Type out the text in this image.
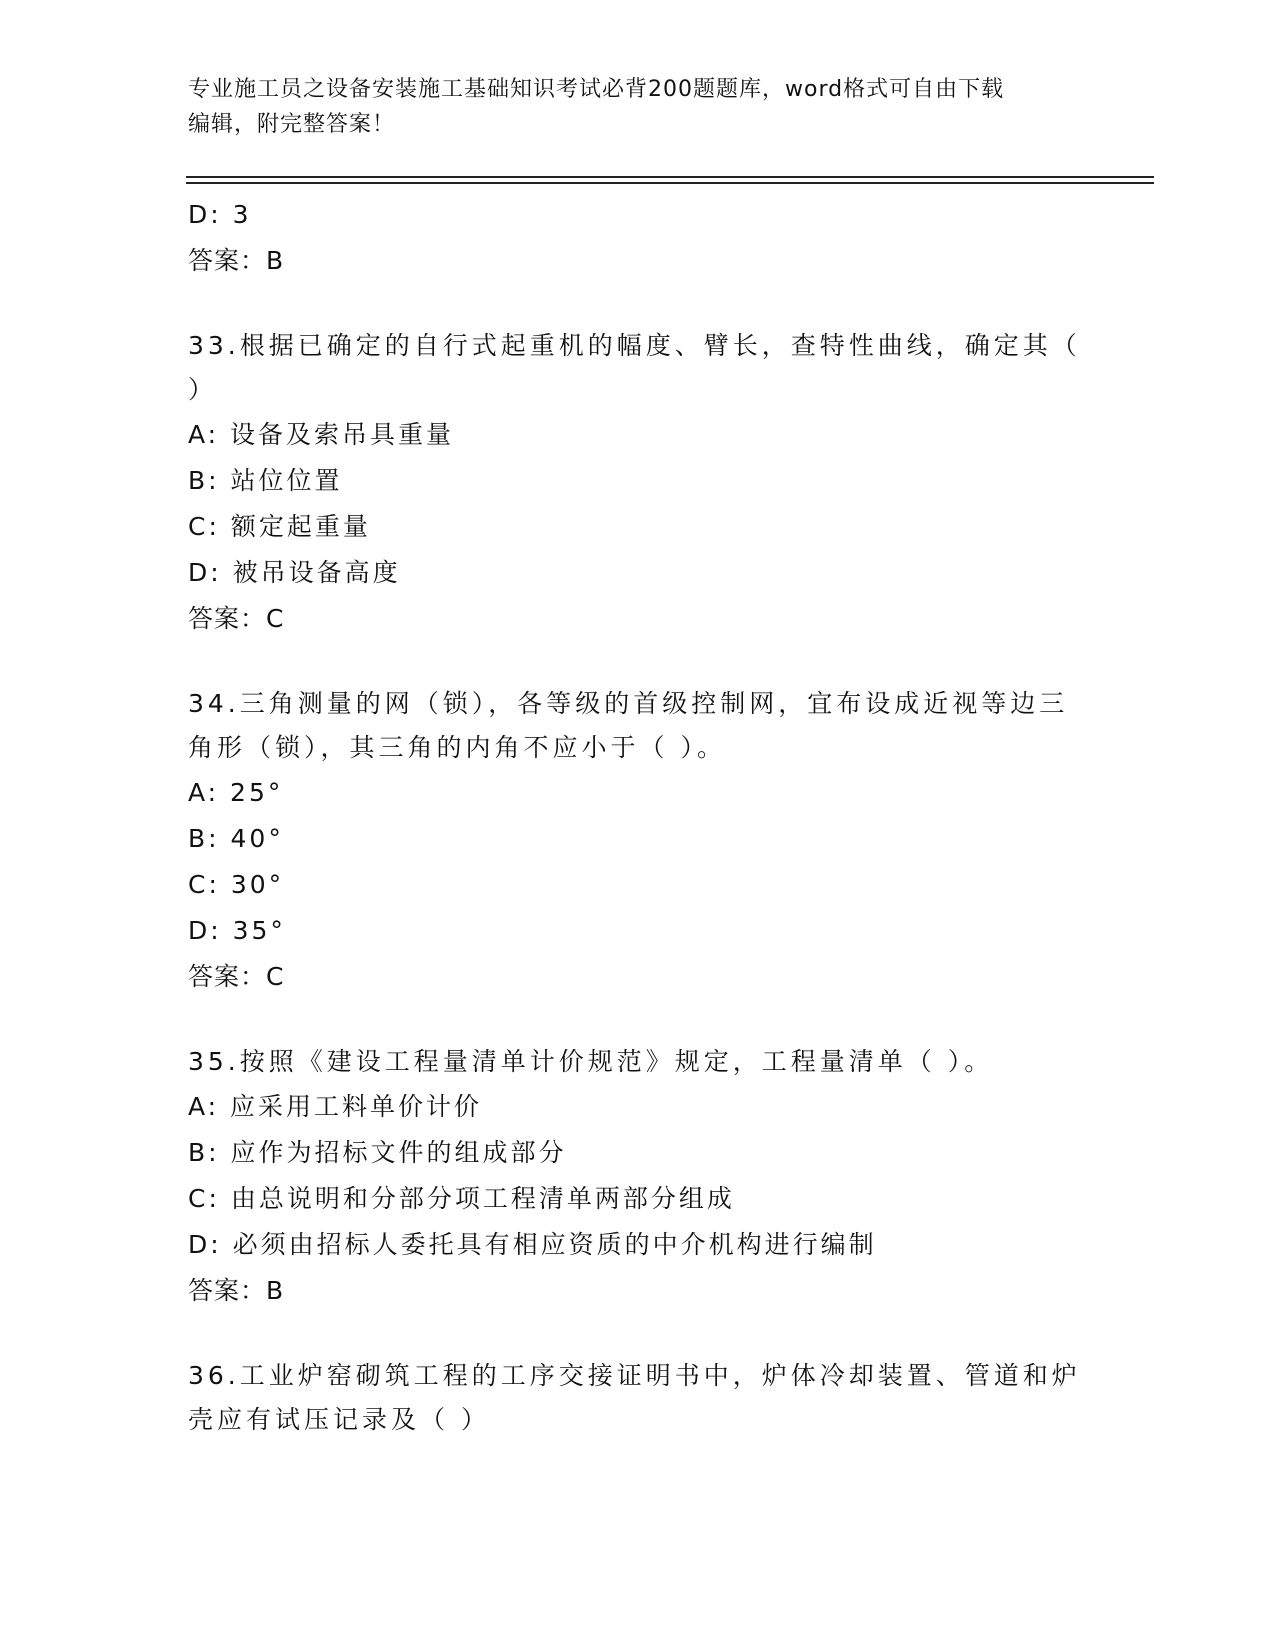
专业施工员之设备安装施工基础知识考试必背200题题库，word格式可自由下载
编辑，附完整答案！
D: 3
答案：B
33.根据已确定的自行式起重机的幅度、臂长，查特性曲线，确定其（
）
A: 设备及索吊具重量
B: 站位位置
C: 额定起重量
D: 被吊设备高度
答案：C
34.三角测量的网（锁），各等级的首级控制网，宜布设成近视等边三
角形（锁），其三角的内角不应小于（ ）。
A: 25°
B: 40°
C: 30°
D: 35°
答案：C
35.按照《建设工程量清单计价规范》规定，工程量清单（ ）。
A: 应采用工料单价计价
B: 应作为招标文件的组成部分
C: 由总说明和分部分项工程清单两部分组成
D: 必须由招标人委托具有相应资质的中介机构进行编制
答案：B
36.工业炉窑砌筑工程的工序交接证明书中，炉体冷却装置、管道和炉
壳应有试压记录及（ ）
